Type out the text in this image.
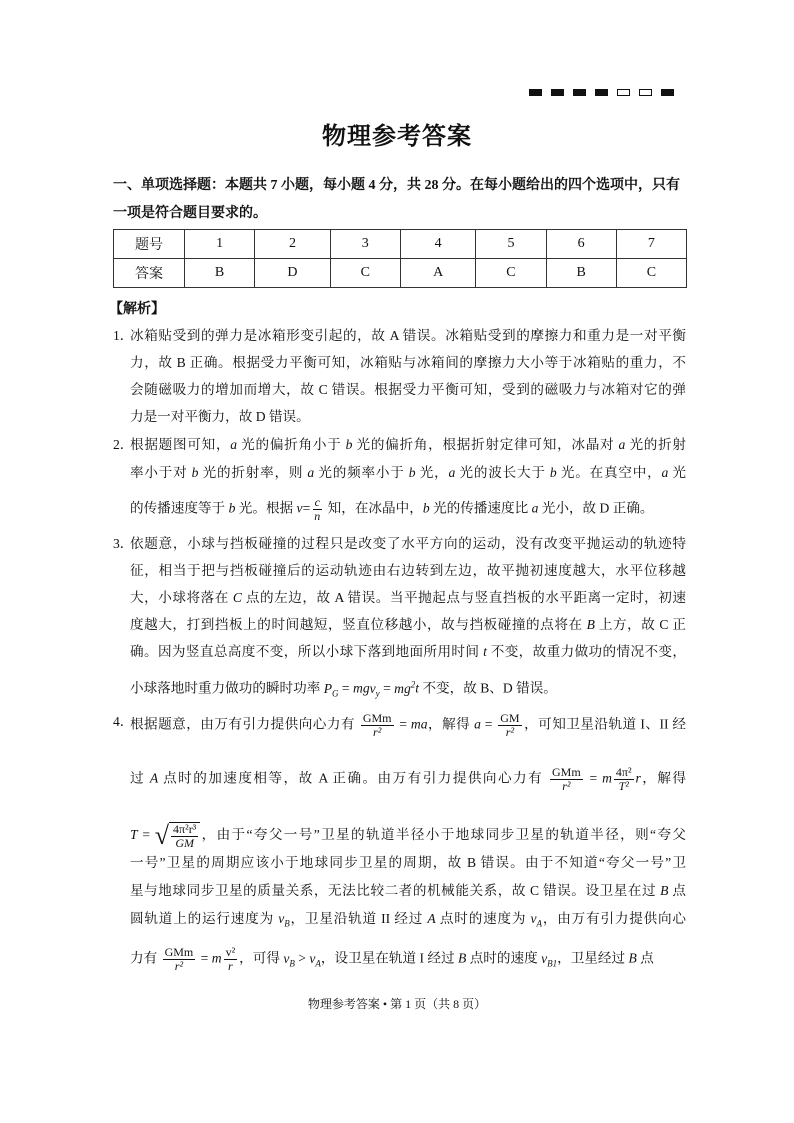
物理参考答案
一、单项选择题：本题共 7 小题，每小题 4 分，共 28 分。在每小题给出的四个选项中，只有
一项是符合题目要求的。
题号	1	2	3	4	5	6	7
答案	B	D	C	A	C	B	C
【解析】
1．
冰箱贴受到的弹力是冰箱形变引起的，故 A 错误。冰箱贴受到的摩擦力和重力是一对平衡
力，故 B 正确。根据受力平衡可知，冰箱贴与冰箱间的摩擦力大小等于冰箱贴的重力，不
会随磁吸力的增加而增大，故 C 错误。根据受力平衡可知，受到的磁吸力与冰箱对它的弹
力是一对平衡力，故 D 错误。
2．
根据题图可知，a 光的偏折角小于 b 光的偏折角，根据折射定律可知，冰晶对 a 光的折射
率小于对 b 光的折射率，则 a 光的频率小于 b 光，a 光的波长大于 b 光。在真空中，a 光
的传播速度等于 b 光。根据 $v= \frac{c}{n}$ 知，在冰晶中，b 光的传播速度比 a 光小，故 D 正确。
3．
依题意，小球与挡板碰撞的过程只是改变了水平方向的运动，没有改变平抛运动的轨迹特
征，相当于把与挡板碰撞后的运动轨迹由右边转到左边，故平抛初速度越大，水平位移越
大，小球将落在 C 点的左边，故 A 错误。当平抛起点与竖直挡板的水平距离一定时，初速
度越大，打到挡板上的时间越短，竖直位移越小，故与挡板碰撞的点将在 B 上方，故 C 正
确。因为竖直总高度不变，所以小球下落到地面所用时间 t 不变，故重力做功的情况不变，
小球落地时重力做功的瞬时功率 $P_G = mgv_y = mg^2t$ 不变，故 B、D 错误。
4．
根据题意，由万有引力提供向心力有 $\frac{\text{GMm}}{\text{r²}}$ = ma，解得 $a = \frac{GM}{\text{r²}}$ ，可知卫星沿轨道 I、II 经
过 A 点时的加速度相等，故 A 正确。由万有引力提供向心力有 $\frac{\text{GMm}}{\text{r²}} = m \frac{\text{4π²}}{\text{T²}}$ r，解得
T = √ $\frac{\text{4π²r³}}{GM}$ ，由于“夸父一号”卫星的轨道半径小于地球同步卫星的轨道半径，则“夸父
一号”卫星的周期应该小于地球同步卫星的周期，故 B 错误。由于不知道“夸父一号”卫
星与地球同步卫星的质量关系，无法比较二者的机械能关系，故 C 错误。设卫星在过 B 点
圆轨道上的运行速度为 $v_B$，卫星沿轨道 II 经过 A 点时的速度为 $v_A$，由万有引力提供向心
力有 $\frac{\text{GMm}}{\text{r²}} = m \frac{\text{v²}}{r}$ ，可得 $v_B > v_A$，设卫星在轨道 I 经过 B 点时的速度 $v_{B1}$，卫星经过 B 点
物理参考答案 • 第 1 页（共 8 页）
